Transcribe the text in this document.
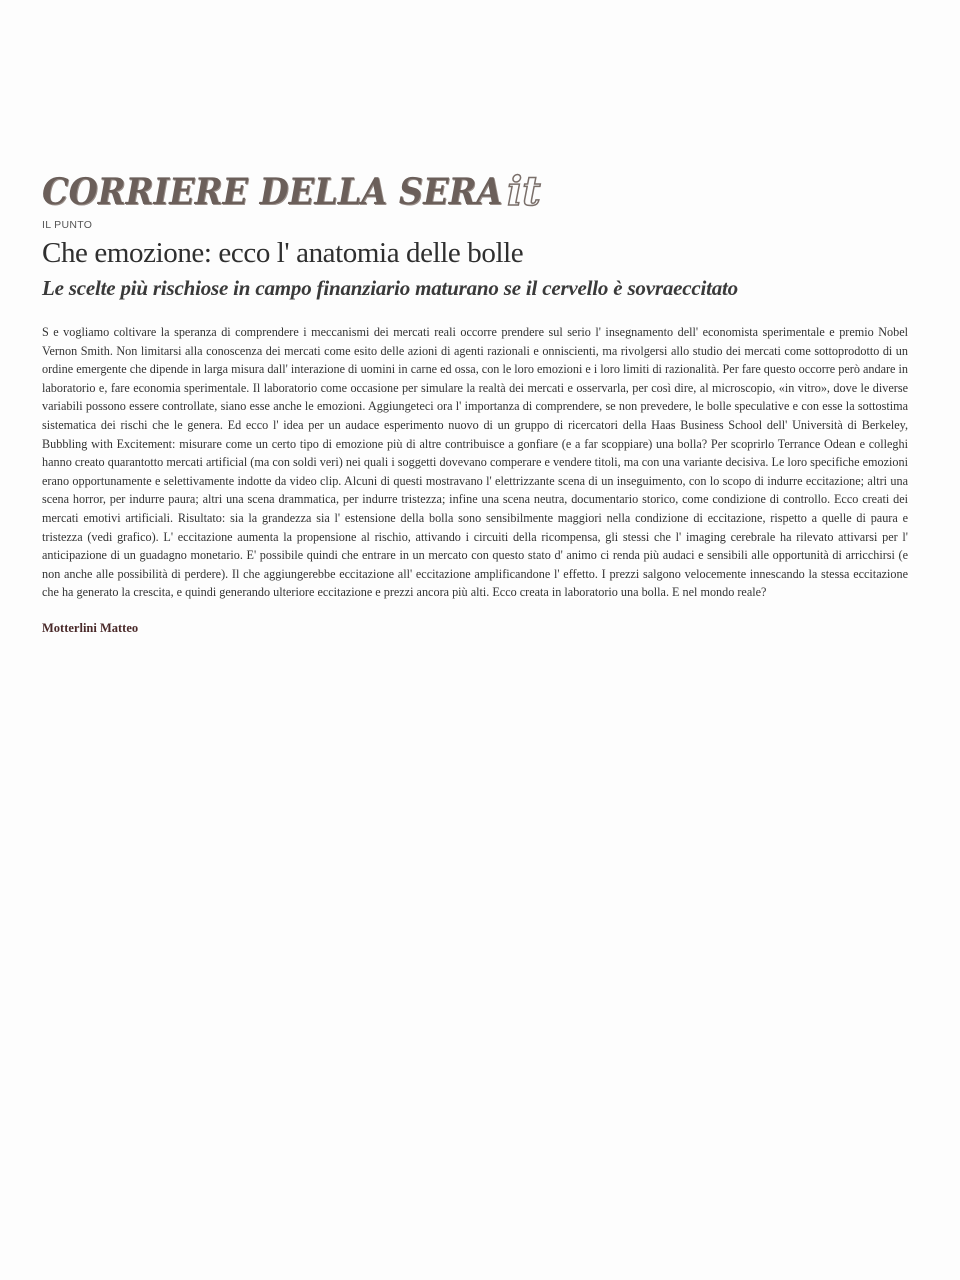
CORRIERE DELLA SERA it
IL PUNTO
Che emozione: ecco l' anatomia delle bolle
Le scelte più rischiose in campo finanziario maturano se il cervello è sovraeccitato

S e vogliamo coltivare la speranza di comprendere i meccanismi dei mercati reali occorre prendere sul serio l' insegnamento dell' economista sperimentale e premio Nobel Vernon Smith. Non limitarsi alla conoscenza dei mercati come esito delle azioni di agenti razionali e onniscienti, ma rivolgersi allo studio dei mercati come sottoprodotto di un ordine emergente che dipende in larga misura dall' interazione di uomini in carne ed ossa, con le loro emozioni e i loro limiti di razionalità. Per fare questo occorre però andare in laboratorio e, fare economia sperimentale. Il laboratorio come occasione per simulare la realtà dei mercati e osservarla, per così dire, al microscopio, «in vitro», dove le diverse variabili possono essere controllate, siano esse anche le emozioni. Aggiungeteci ora l' importanza di comprendere, se non prevedere, le bolle speculative e con esse la sottostima sistematica dei rischi che le genera. Ed ecco l' idea per un audace esperimento nuovo di un gruppo di ricercatori della Haas Business School dell' Università di Berkeley, Bubbling with Excitement: misurare come un certo tipo di emozione più di altre contribuisce a gonfiare (e a far scoppiare) una bolla? Per scoprirlo Terrance Odean e colleghi hanno creato quarantotto mercati artificial (ma con soldi veri) nei quali i soggetti dovevano comperare e vendere titoli, ma con una variante decisiva. Le loro specifiche emozioni erano opportunamente e selettivamente indotte da video clip. Alcuni di questi mostravano l' elettrizzante scena di un inseguimento, con lo scopo di indurre eccitazione; altri una scena horror, per indurre paura; altri una scena drammatica, per indurre tristezza; infine una scena neutra, documentario storico, come condizione di controllo. Ecco creati dei mercati emotivi artificiali. Risultato: sia la grandezza sia l' estensione della bolla sono sensibilmente maggiori nella condizione di eccitazione, rispetto a quelle di paura e tristezza (vedi grafico). L' eccitazione aumenta la propensione al rischio, attivando i circuiti della ricompensa, gli stessi che l' imaging cerebrale ha rilevato attivarsi per l' anticipazione di un guadagno monetario. E' possibile quindi che entrare in un mercato con questo stato d' animo ci renda più audaci e sensibili alle opportunità di arricchirsi (e non anche alle possibilità di perdere). Il che aggiungerebbe eccitazione all' eccitazione amplificandone l' effetto. I prezzi salgono velocemente innescando la stessa eccitazione che ha generato la crescita, e quindi generando ulteriore eccitazione e prezzi ancora più alti. Ecco creata in laboratorio una bolla. E nel mondo reale?

Motterlini Matteo
